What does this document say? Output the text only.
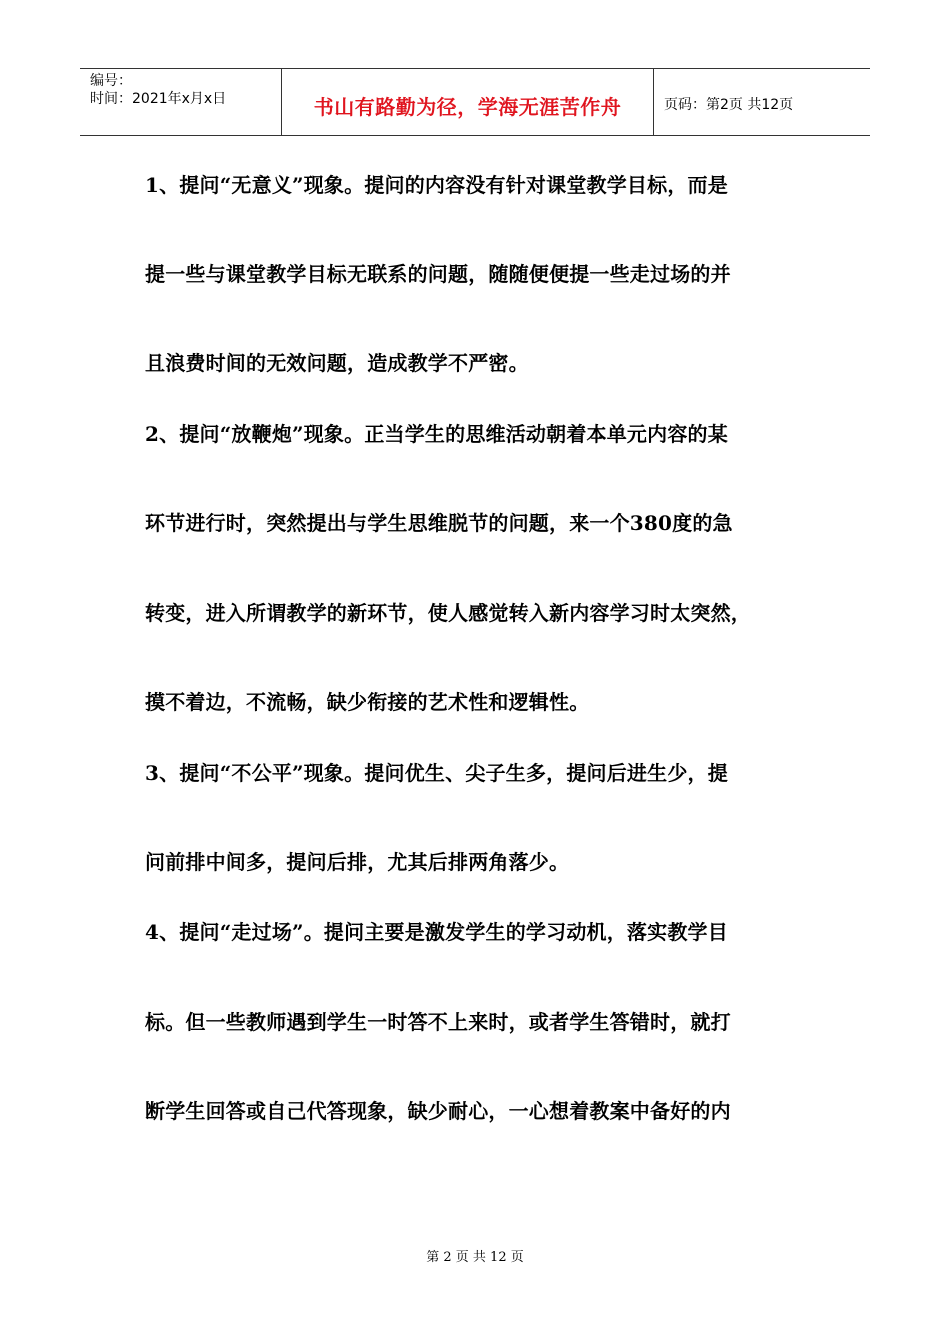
编号：
时间：2021年x月x日	书山有路勤为径，学海无涯苦作舟	页码：第2页 共12页
1、提问“无意义”现象。提问的内容没有针对课堂教学目标，而是
提一些与课堂教学目标无联系的问题，随随便便提一些走过场的并
且浪费时间的无效问题，造成教学不严密。
2、提问“放鞭炮”现象。正当学生的思维活动朝着本单元内容的某
环节进行时，突然提出与学生思维脱节的问题，来一个380度的急
转变，进入所谓教学的新环节，使人感觉转入新内容学习时太突然，
摸不着边，不流畅，缺少衔接的艺术性和逻辑性。
3、提问“不公平”现象。提问优生、尖子生多，提问后进生少，提
问前排中间多，提问后排，尤其后排两角落少。
4、提问“走过场”。提问主要是激发学生的学习动机，落实教学目
标。但一些教师遇到学生一时答不上来时，或者学生答错时，就打
断学生回答或自己代答现象，缺少耐心，一心想着教案中备好的内
第 2 页 共 12 页
